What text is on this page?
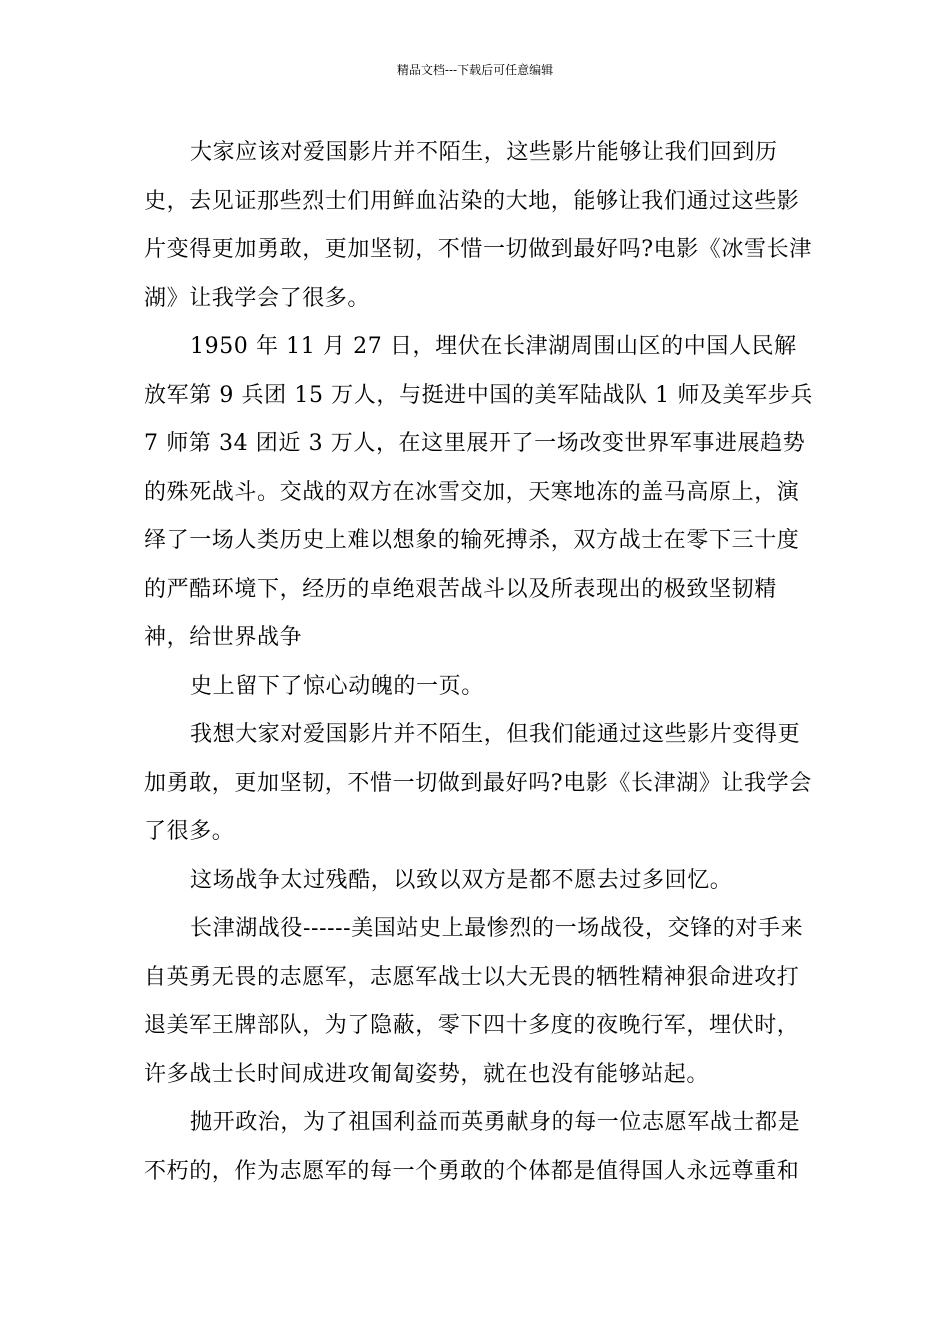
精品文档---下载后可任意编辑

大家应该对爱国影片并不陌生，这些影片能够让我们回到历史，去见证那些烈士们用鲜血沾染的大地，能够让我们通过这些影片变得更加勇敢，更加坚韧，不惜一切做到最好吗?电影《冰雪长津湖》让我学会了很多。

1950 年 11 月 27 日，埋伏在长津湖周围山区的中国人民解放军第 9 兵团 15 万人，与挺进中国的美军陆战队 1 师及美军步兵 7 师第 34 团近 3 万人，在这里展开了一场改变世界军事进展趋势的殊死战斗。交战的双方在冰雪交加，天寒地冻的盖马高原上，演绎了一场人类历史上难以想象的输死搏杀，双方战士在零下三十度的严酷环境下，经历的卓绝艰苦战斗以及所表现出的极致坚韧精神，给世界战争

史上留下了惊心动魄的一页。

我想大家对爱国影片并不陌生，但我们能通过这些影片变得更加勇敢，更加坚韧，不惜一切做到最好吗?电影《长津湖》让我学会了很多。

这场战争太过残酷，以致以双方是都不愿去过多回忆。

长津湖战役------美国站史上最惨烈的一场战役，交锋的对手来自英勇无畏的志愿军，志愿军战士以大无畏的牺牲精神狠命进攻打退美军王牌部队，为了隐蔽，零下四十多度的夜晚行军，埋伏时，许多战士长时间成进攻匍匐姿势，就在也没有能够站起。

抛开政治，为了祖国利益而英勇献身的每一位志愿军战士都是不朽的，作为志愿军的每一个勇敢的个体都是值得国人永远尊重和
